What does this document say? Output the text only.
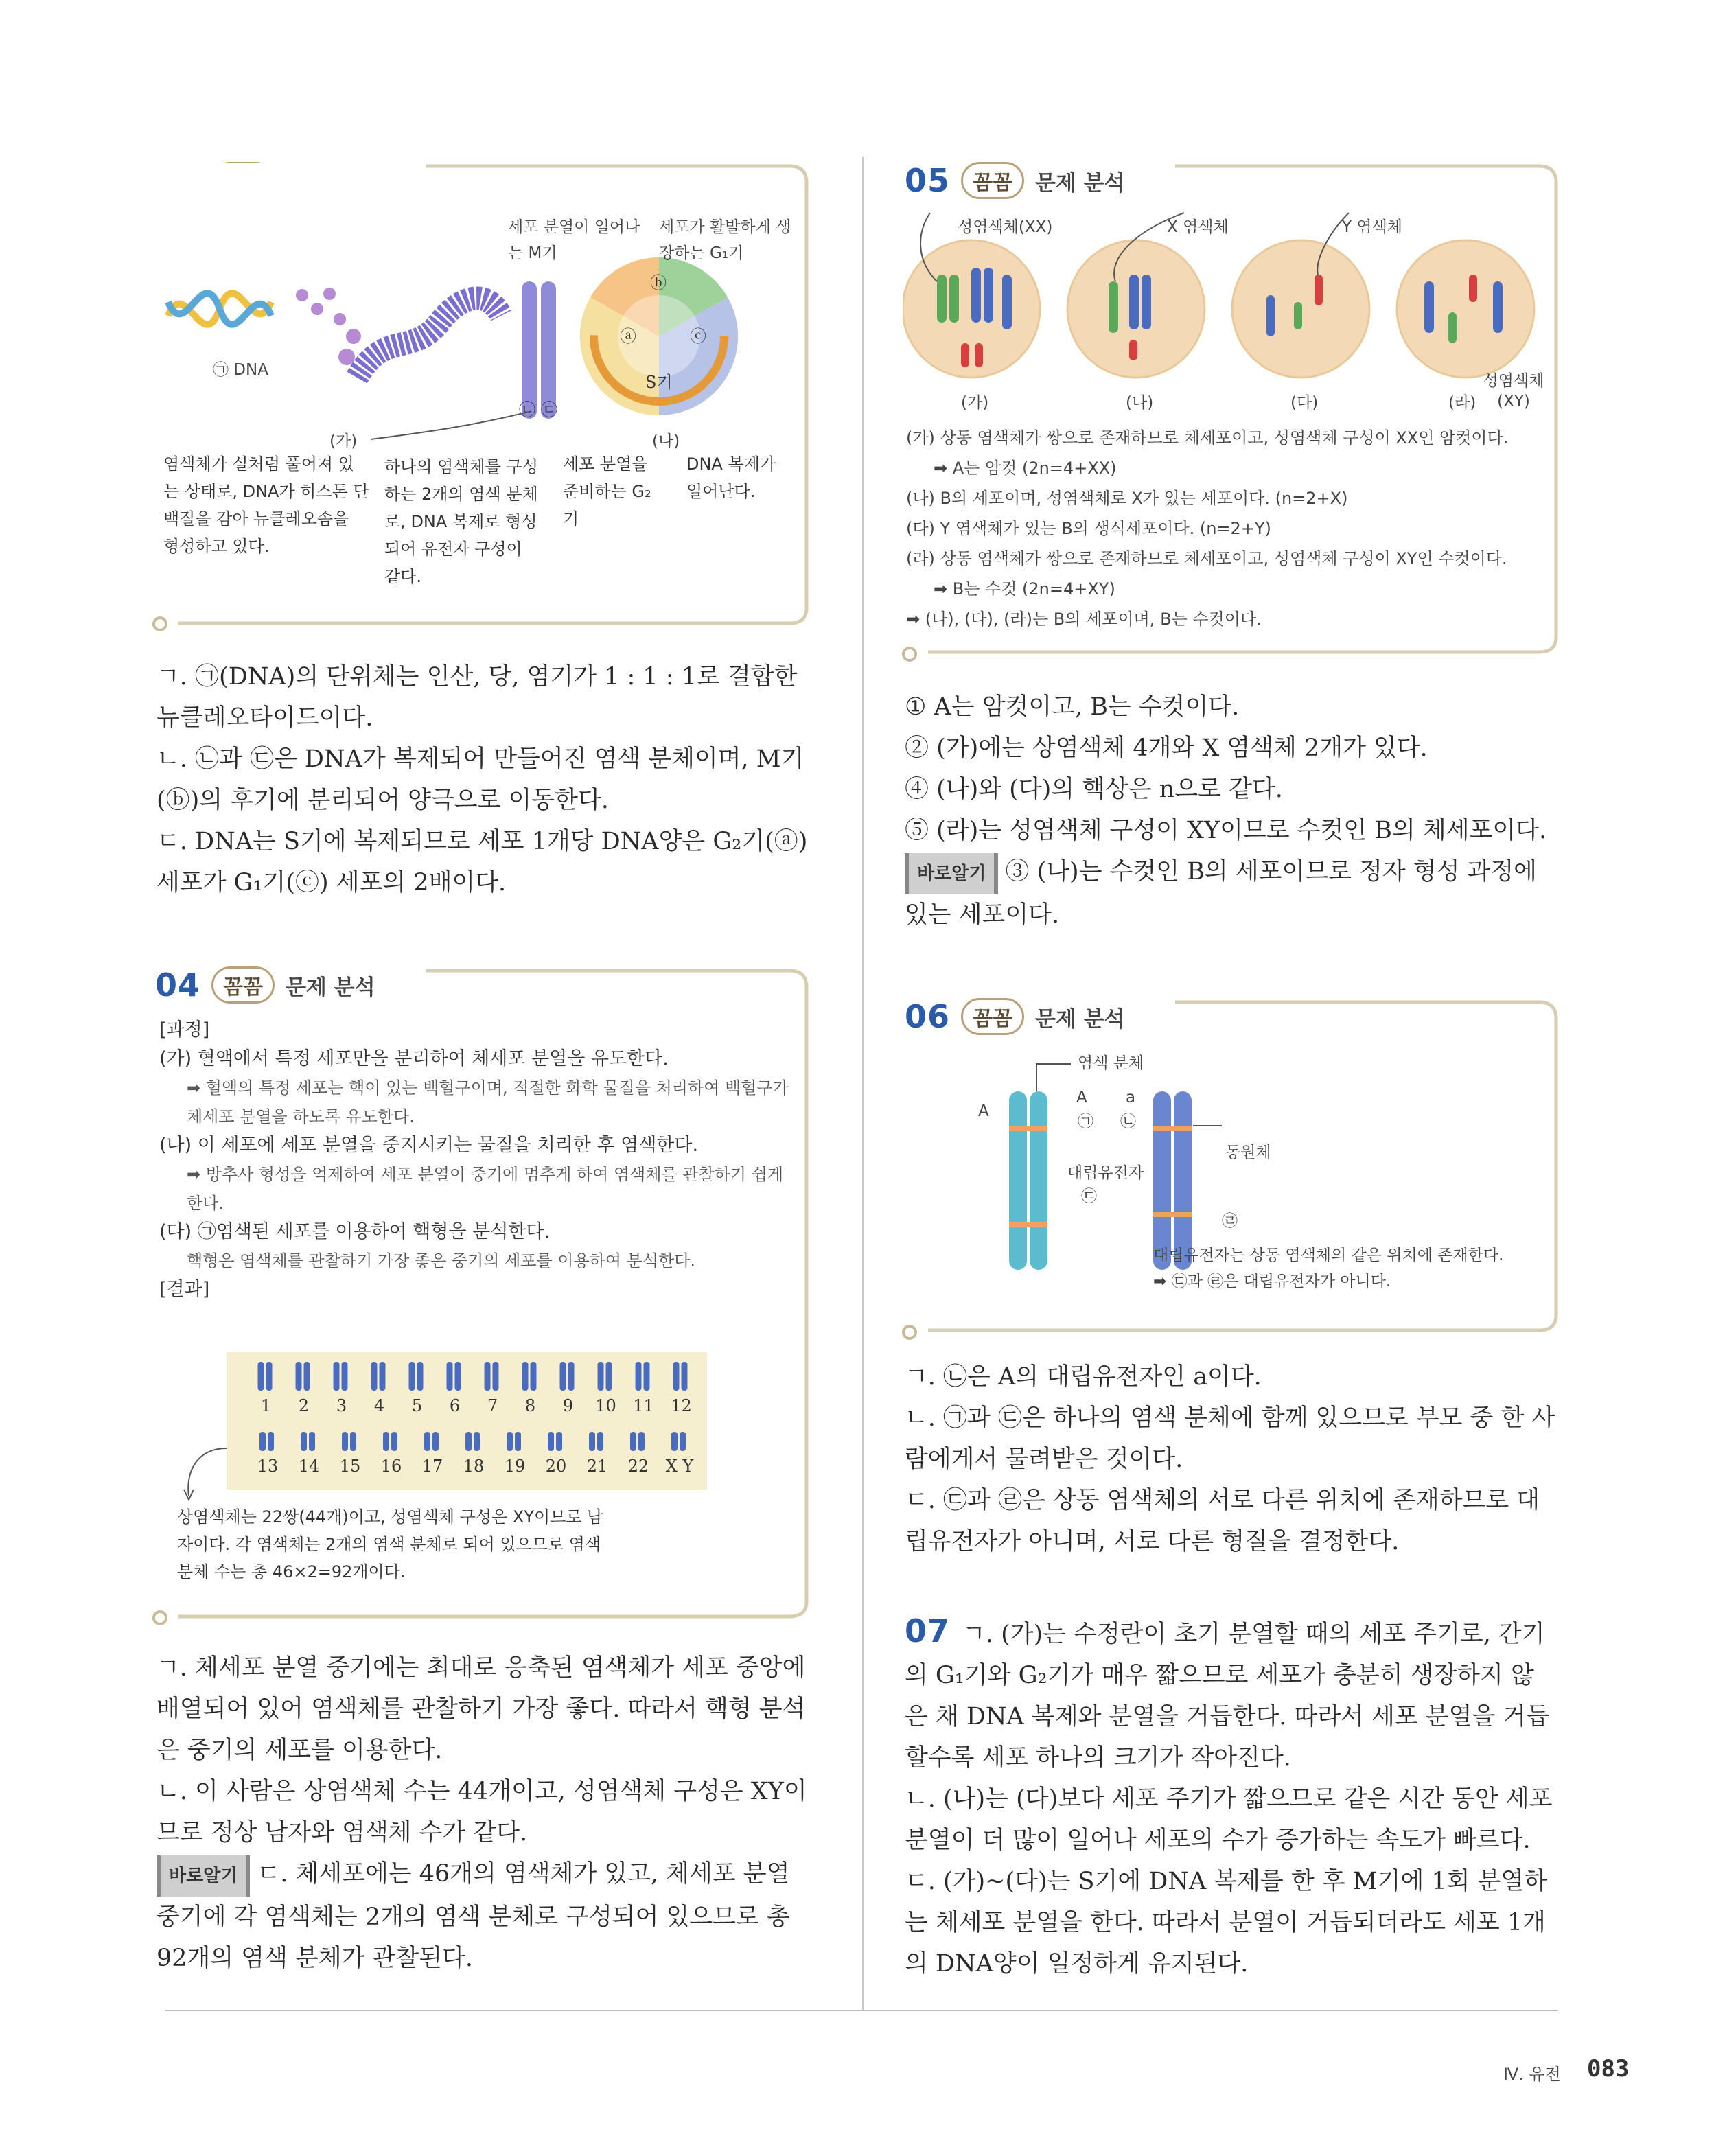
ⓑ
ⓐ	ⓒ
S기
㉡ ㉢
세포 분열이 일어나는 M기
세포가 활발하게 생장하는 G₁기
㉠ DNA
(가)	(나)
염색체가 실처럼 풀어져 있는 상태로, DNA가 히스톤 단백질을 감아 뉴클레오솜을 형성하고 있다.
하나의 염색체를 구성하는 2개의 염색 분체로, DNA 복제로 형성되어 유전자 구성이 같다.
세포 분열을 준비하는 G₂기
DNA 복제가 일어난다.

ㄱ. ㉠(DNA)의 단위체는 인산, 당, 염기가 1 : 1 : 1로 결합한 뉴클레오타이드이다.

ㄴ. ㉡과 ㉢은 DNA가 복제되어 만들어진 염색 분체이며, M기(ⓑ)의 후기에 분리되어 양극으로 이동한다.

ㄷ. DNA는 S기에 복제되므로 세포 1개당 DNA양은 G₂기(ⓐ) 세포가 G₁기(ⓒ) 세포의 2배이다.

04	꼼꼼	문제 분석
[과정]
(가) 혈액에서 특정 세포만을 분리하여 체세포 분열을 유도한다.
➡ 혈액의 특정 세포는 핵이 있는 백혈구이며, 적절한 화학 물질을 처리하여 백혈구가 체세포 분열을 하도록 유도한다.
(나) 이 세포에 세포 분열을 중지시키는 물질을 처리한 후 염색한다.
➡ 방추사 형성을 억제하여 세포 분열이 중기에 멈추게 하여 염색체를 관찰하기 쉽게 한다.
(다) ㉠염색된 세포를 이용하여 핵형을 분석한다.
핵형은 염색체를 관찰하기 가장 좋은 중기의 세포를 이용하여 분석한다.
[결과]
1 2 3 4 5 6 7 8 9 10 11 12
13 14 15 16 17 18 19 20 21 22 X Y
상염색체는 22쌍(44개)이고, 성염색체 구성은 XY이므로 남자이다. 각 염색체는 2개의 염색 분체로 되어 있으므로 염색 분체 수는 총 46×2=92개이다.

ㄱ. 체세포 분열 중기에는 최대로 응축된 염색체가 세포 중앙에 배열되어 있어 염색체를 관찰하기 가장 좋다. 따라서 핵형 분석은 중기의 세포를 이용한다.

ㄴ. 이 사람은 상염색체 수는 44개이고, 성염색체 구성은 XY이므로 정상 남자와 염색체 수가 같다.

바로알기 ㄷ. 체세포에는 46개의 염색체가 있고, 체세포 분열 중기에 각 염색체는 2개의 염색 분체로 구성되어 있으므로 총 92개의 염색 분체가 관찰된다.

05	꼼꼼	문제 분석
성염색체(XX)	X 염색체	Y 염색체
성염색체 (XY)
(가)	(나)	(다)	(라)
(가) 상동 염색체가 쌍으로 존재하므로 체세포이고, 성염색체 구성이 XX인 암컷이다.
➡ A는 암컷 (2n=4+XX)
(나) B의 세포이며, 성염색체로 X가 있는 세포이다. (n=2+X)
(다) Y 염색체가 있는 B의 생식세포이다. (n=2+Y)
(라) 상동 염색체가 쌍으로 존재하므로 체세포이고, 성염색체 구성이 XY인 수컷이다.
➡ B는 수컷 (2n=4+XY)
➡ (나), (다), (라)는 B의 세포이며, B는 수컷이다.

① A는 암컷이고, B는 수컷이다.

② (가)에는 상염색체 4개와 X 염색체 2개가 있다.

④ (나)와 (다)의 핵상은 n으로 같다.

⑤ (라)는 성염색체 구성이 XY이므로 수컷인 B의 체세포이다.

바로알기 ③ (나)는 수컷인 B의 세포이므로 정자 형성 과정에 있는 세포이다.

06	꼼꼼	문제 분석
염색 분체
A
A a
㉠ ㉡
동원체
대립유전자
㉢
㉣
대립유전자는 상동 염색체의 같은 위치에 존재한다. ➡ ㉢과 ㉣은 대립유전자가 아니다.

ㄱ. ㉡은 A의 대립유전자인 a이다.

ㄴ. ㉠과 ㉢은 하나의 염색 분체에 함께 있으므로 부모 중 한 사람에게서 물려받은 것이다.

ㄷ. ㉢과 ㉣은 상동 염색체의 서로 다른 위치에 존재하므로 대립유전자가 아니며, 서로 다른 형질을 결정한다.

07 ㄱ. (가)는 수정란이 초기 분열할 때의 세포 주기로, 간기의 G₁기와 G₂기가 매우 짧으므로 세포가 충분히 생장하지 않은 채 DNA 복제와 분열을 거듭한다. 따라서 세포 분열을 거듭할수록 세포 하나의 크기가 작아진다.

ㄴ. (나)는 (다)보다 세포 주기가 짧으므로 같은 시간 동안 세포 분열이 더 많이 일어나 세포의 수가 증가하는 속도가 빠르다.

ㄷ. (가)~(다)는 S기에 DNA 복제를 한 후 M기에 1회 분열하는 체세포 분열을 한다. 따라서 분열이 거듭되더라도 세포 1개의 DNA양이 일정하게 유지된다.

Ⅳ. 유전 083
